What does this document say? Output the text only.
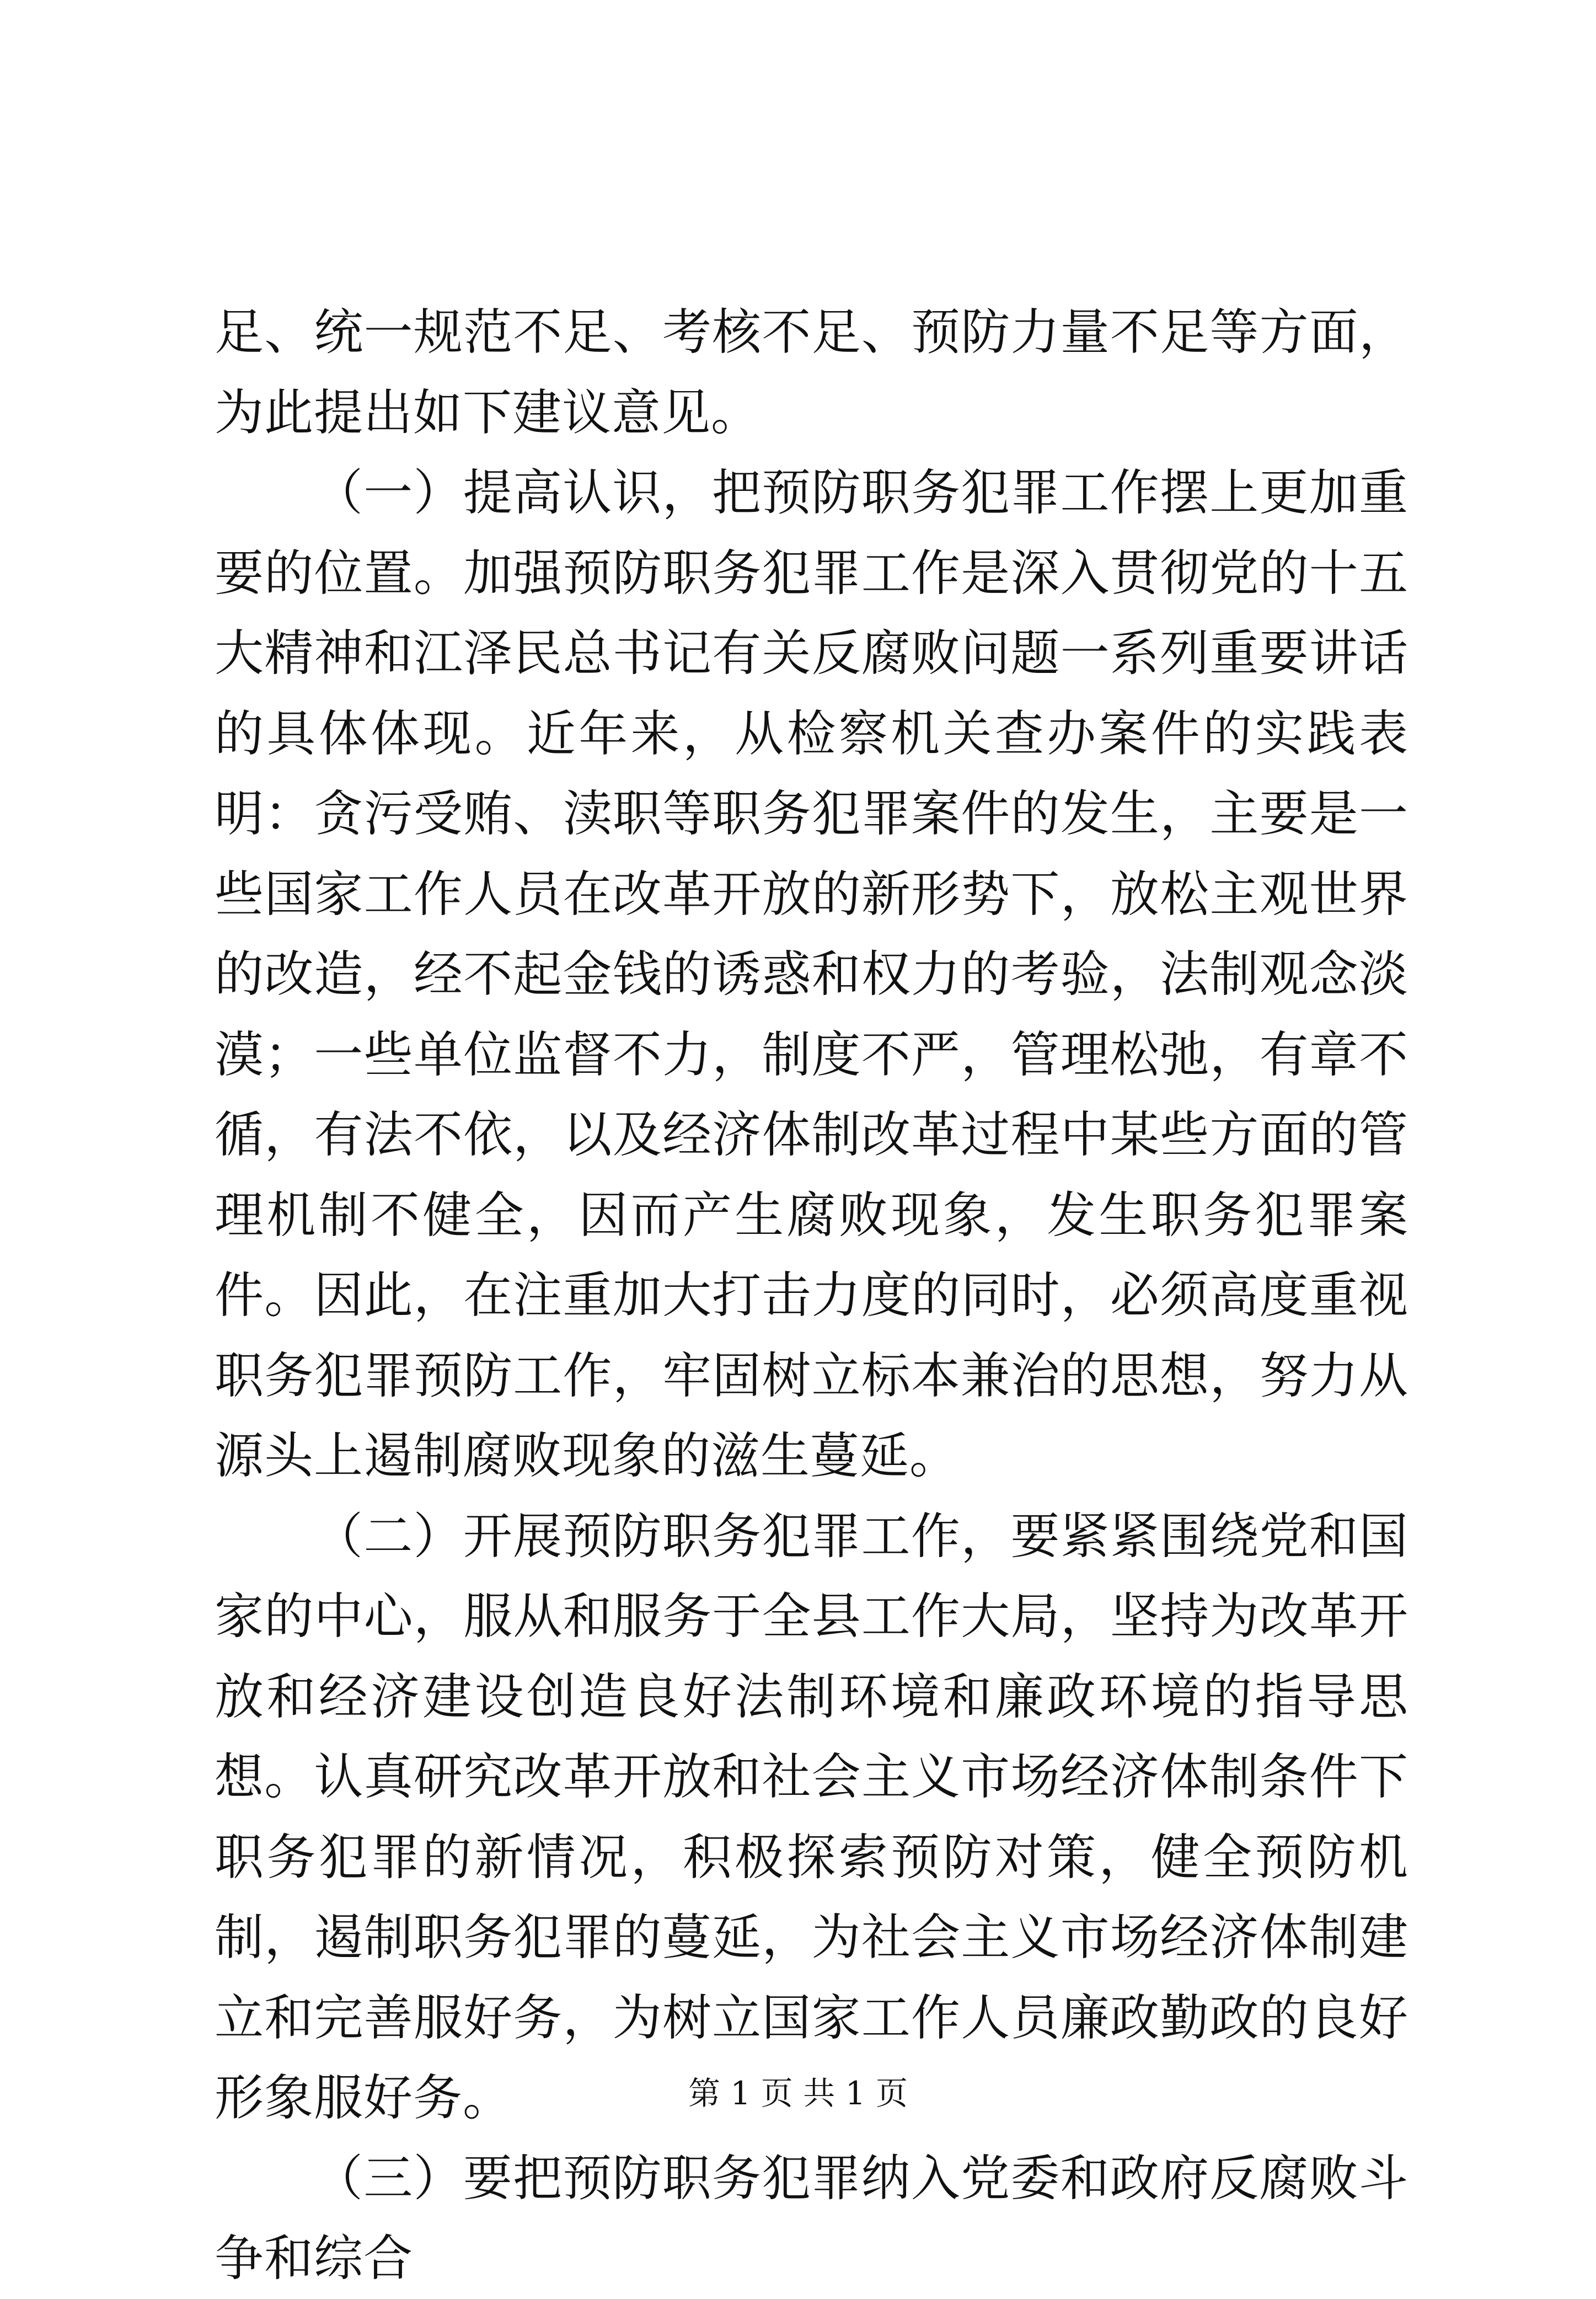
足、统一规范不足、考核不足、预防力量不足等方面，为此提出如下建议意见。

（一）提高认识，把预防职务犯罪工作摆上更加重要的位置。加强预防职务犯罪工作是深入贯彻党的十五大精神和江泽民总书记有关反腐败问题一系列重要讲话的具体体现。近年来，从检察机关查办案件的实践表明：贪污受贿、渎职等职务犯罪案件的发生，主要是一些国家工作人员在改革开放的新形势下，放松主观世界的改造，经不起金钱的诱惑和权力的考验，法制观念淡漠；一些单位监督不力，制度不严，管理松弛，有章不循，有法不依，以及经济体制改革过程中某些方面的管理机制不健全，因而产生腐败现象，发生职务犯罪案件。因此，在注重加大打击力度的同时，必须高度重视职务犯罪预防工作，牢固树立标本兼治的思想，努力从源头上遏制腐败现象的滋生蔓延。

（二）开展预防职务犯罪工作，要紧紧围绕党和国家的中心，服从和服务于全县工作大局，坚持为改革开放和经济建设创造良好法制环境和廉政环境的指导思想。认真研究改革开放和社会主义市场经济体制条件下职务犯罪的新情况，积极探索预防对策，健全预防机制，遏制职务犯罪的蔓延，为社会主义市场经济体制建立和完善服好务，为树立国家工作人员廉政勤政的良好形象服好务。

（三）要把预防职务犯罪纳入党委和政府反腐败斗争和综合

第 1 页 共 1 页
